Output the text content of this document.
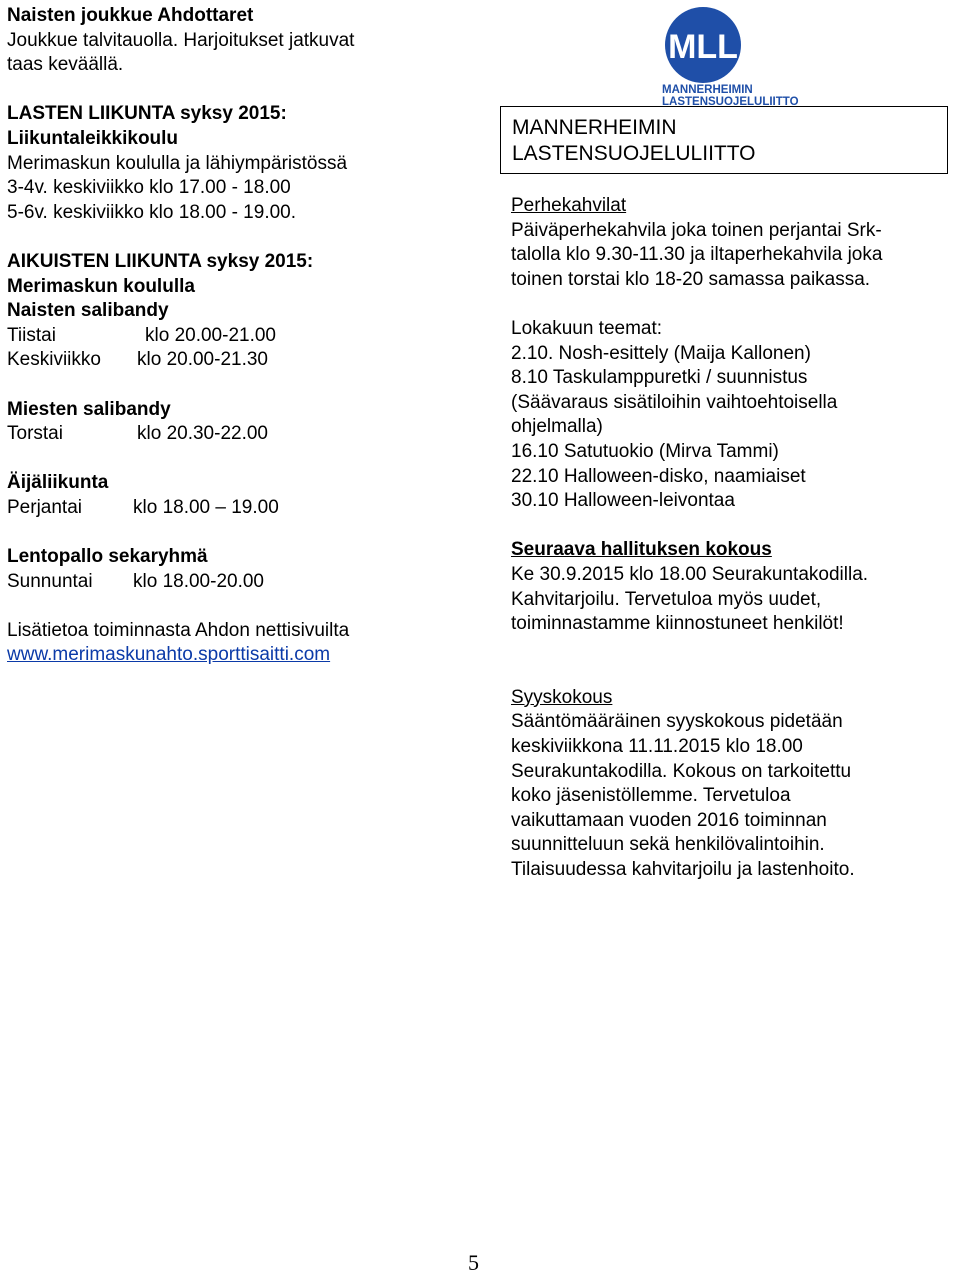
Naisten joukkue Ahdottaret
Joukkue talvitauolla. Harjoitukset jatkuvat
taas keväällä.
LASTEN LIIKUNTA syksy 2015:
Liikuntaleikkikoulu
Merimaskun koululla ja lähiympäristössä
3-4v. keskiviikko klo 17.00 - 18.00
5-6v. keskiviikko klo 18.00 - 19.00.
AIKUISTEN LIIKUNTA syksy 2015:
Merimaskun koululla
Naisten salibandy
Tiistai	klo 20.00-21.00
Keskiviikko klo 20.00-21.30
Miesten salibandy
Torstai	klo 20.30-22.00
Äijäliikunta
Perjantai	klo 18.00 – 19.00
Lentopallo sekaryhmä
Sunnuntai klo 18.00-20.00
Lisätietoa toiminnasta Ahdon nettisivuilta
www.merimaskunahto.sporttisaitti.com
MLL
MANNERHEIMIN
LASTENSUOJELULIITTO
MANNERHEIMIN
LASTENSUOJELULIITTO
Perhekahvilat
Päiväperhekahvila joka toinen perjantai Srk-
talolla klo 9.30-11.30 ja iltaperhekahvila joka
toinen torstai klo 18-20 samassa paikassa.
Lokakuun teemat:
2.10. Nosh-esittely (Maija Kallonen)
8.10 Taskulamppuretki / suunnistus
(Säävaraus sisätiloihin vaihtoehtoisella
ohjelmalla)
16.10 Satutuokio (Mirva Tammi)
22.10 Halloween-disko, naamiaiset
30.10 Halloween-leivontaa
Seuraava hallituksen kokous
Ke 30.9.2015 klo 18.00 Seurakuntakodilla.
Kahvitarjoilu. Tervetuloa myös uudet,
toiminnastamme kiinnostuneet henkilöt!
Syyskokous
Sääntömääräinen syyskokous pidetään
keskiviikkona 11.11.2015 klo 18.00
Seurakuntakodilla. Kokous on tarkoitettu
koko jäsenistöllemme. Tervetuloa
vaikuttamaan vuoden 2016 toiminnan
suunnitteluun sekä henkilövalintoihin.
Tilaisuudessa kahvitarjoilu ja lastenhoito.
5
